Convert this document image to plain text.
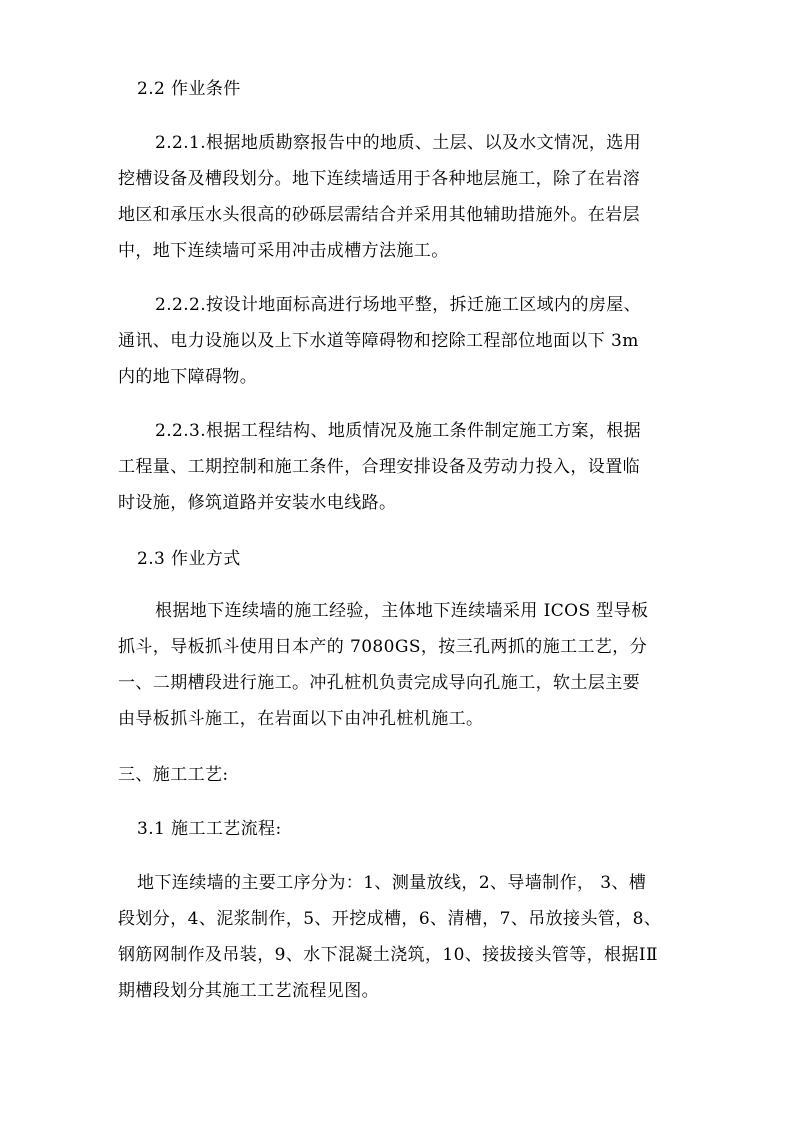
2.2 作业条件
2.2.1.根据地质勘察报告中的地质、土层、以及水文情况，选用
挖槽设备及槽段划分。地下连续墙适用于各种地层施工，除了在岩溶
地区和承压水头很高的砂砾层需结合并采用其他辅助措施外。在岩层
中，地下连续墙可采用冲击成槽方法施工。
2.2.2.按设计地面标高进行场地平整，拆迁施工区域内的房屋、
通讯、电力设施以及上下水道等障碍物和挖除工程部位地面以下 3m
内的地下障碍物。
2.2.3.根据工程结构、地质情况及施工条件制定施工方案，根据
工程量、工期控制和施工条件，合理安排设备及劳动力投入，设置临
时设施，修筑道路并安装水电线路。
2.3 作业方式
根据地下连续墙的施工经验，主体地下连续墙采用 ICOS 型导板
抓斗，导板抓斗使用日本产的 7080GS，按三孔两抓的施工工艺，分
一、二期槽段进行施工。冲孔桩机负责完成导向孔施工，软土层主要
由导板抓斗施工，在岩面以下由冲孔桩机施工。
三、施工工艺:
3.1 施工工艺流程:
地下连续墙的主要工序分为：1、测量放线，2、导墙制作， 3、槽
段划分，4、泥浆制作，5、开挖成槽，6、清槽，7、吊放接头管，8、
钢筋网制作及吊装，9、水下混凝土浇筑，10、接拔接头管等，根据ⅠⅡ
期槽段划分其施工工艺流程见图。
